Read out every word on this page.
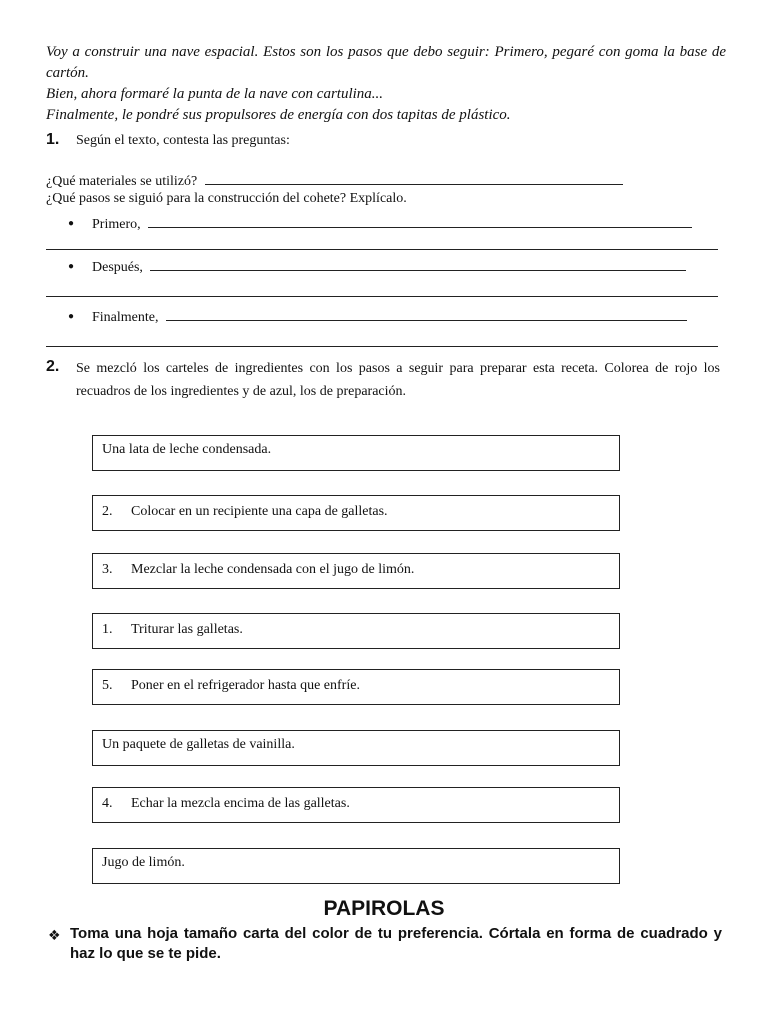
Voy a construir una nave espacial. Estos son los pasos que debo seguir: Primero, pegaré con goma la base de cartón.

Bien, ahora formaré la punta de la nave con cartulina...

Finalmente, le pondré sus propulsores de energía con dos tapitas de plástico.

1. Según el texto, contesta las preguntas:
¿Qué materiales se utilizó?
¿Qué pasos se siguió para la construcción del cohete? Explícalo.
● Primero,
● Después,
● Finalmente,
2. Se mezcló los carteles de ingredientes con los pasos a seguir para preparar esta receta. Colorea de rojo los recuadros de los ingredientes y de azul, los de preparación.
Una lata de leche condensada.
2. Colocar en un recipiente una capa de galletas.
3. Mezclar la leche condensada con el jugo de limón.
1. Triturar las galletas.
5. Poner en el refrigerador hasta que enfríe.
Un paquete de galletas de vainilla.
4. Echar la mezcla encima de las galletas.
Jugo de limón.
PAPIROLAS
❖ Toma una hoja tamaño carta del color de tu preferencia. Córtala en forma de cuadrado y haz lo que se te pide.
